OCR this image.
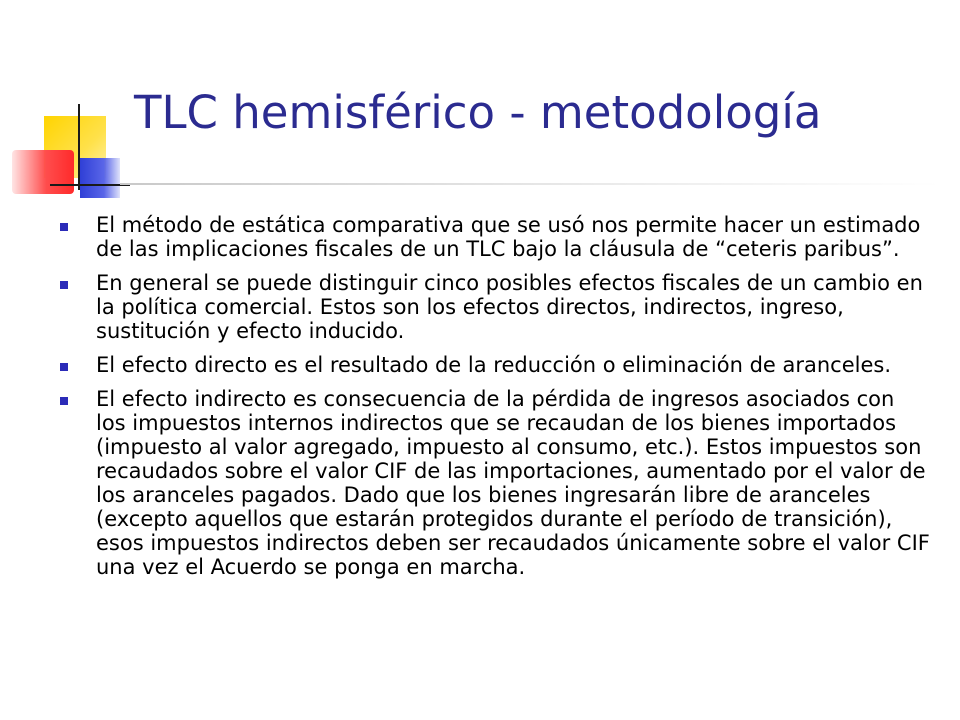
TLC hemisférico - metodología
El método de estática comparativa que se usó nos permite hacer un estimado de las implicaciones fiscales de un TLC bajo la cláusula de “ceteris paribus”.
En general se puede distinguir cinco posibles efectos fiscales de un cambio en la política comercial. Estos son los efectos directos, indirectos, ingreso, sustitución y efecto inducido.
El efecto directo es el resultado de la reducción o eliminación de aranceles.
El efecto indirecto es consecuencia de la pérdida de ingresos asociados con los impuestos internos indirectos que se recaudan de los bienes importados (impuesto al valor agregado, impuesto al consumo, etc.). Estos impuestos son recaudados sobre el valor CIF de las importaciones, aumentado por el valor de los aranceles pagados. Dado que los bienes ingresarán libre de aranceles (excepto aquellos que estarán protegidos durante el período de transición), esos impuestos indirectos deben ser recaudados únicamente sobre el valor CIF una vez el Acuerdo se ponga en marcha.
